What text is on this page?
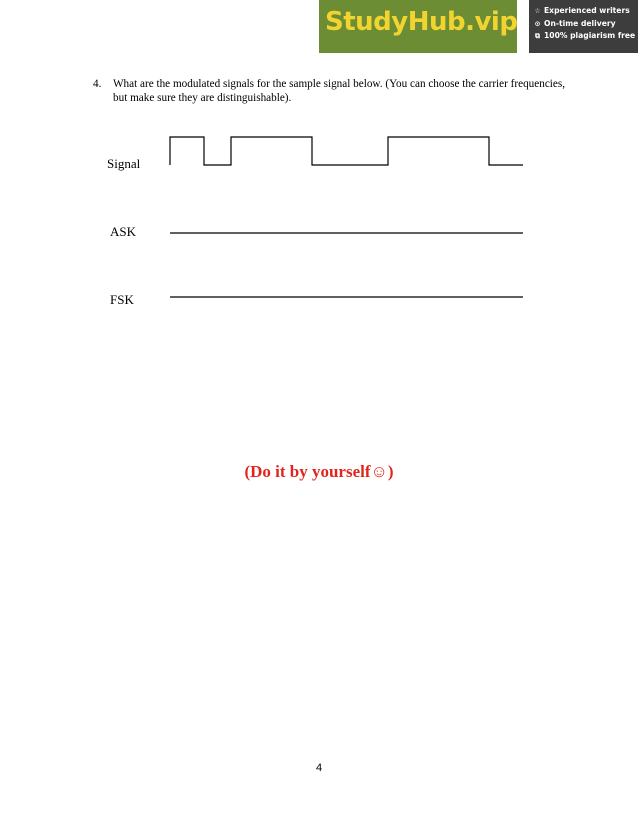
StudyHub.vip ☆ Experienced writers
⊙ On-time delivery
⧉ 100% plagiarism free
4. What are the modulated signals for the sample signal below. (You can choose the carrier frequencies, but make sure they are distinguishable).
Signal
ASK
FSK
(Do it by yourself☺)
4
